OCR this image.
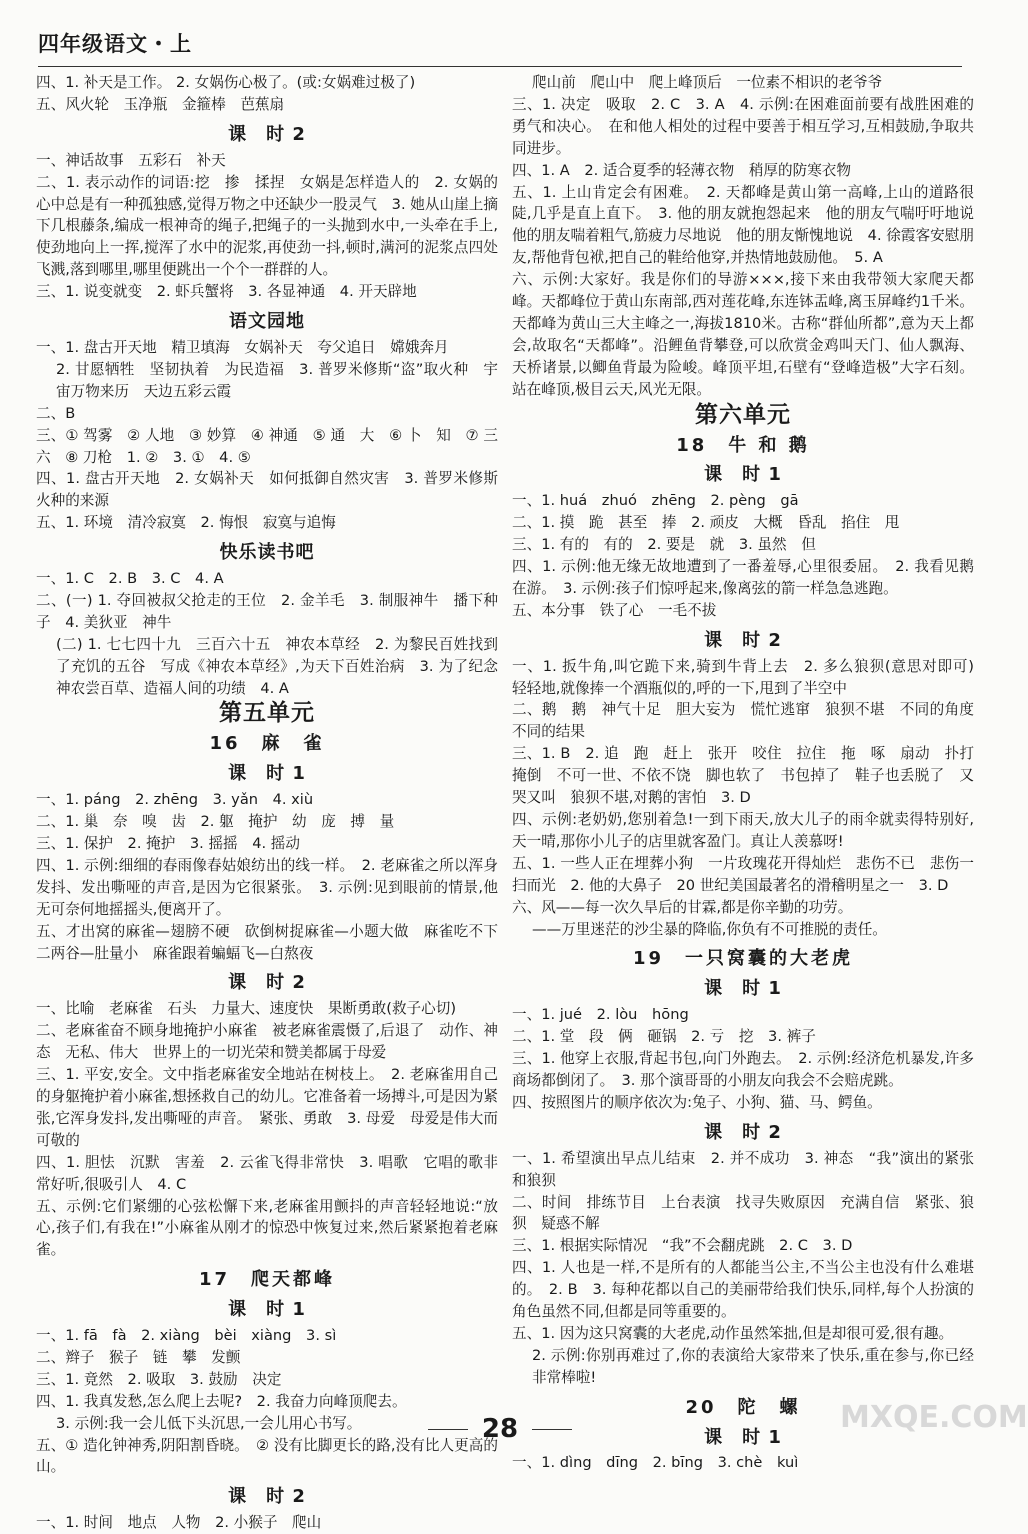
四年级语文・上
四、1. 补天是工作。 2. 女娲伤心极了。(或:女娲难过极了)
五、风火轮　玉净瓶　金箍棒　芭蕉扇
课　时 2
一、神话故事　五彩石　补天
二、1. 表示动作的词语:挖　掺　揉捏　女娲是怎样造人的　2. 女娲的心中总是有一种孤独感,觉得万物之中还缺少一股灵气　3. 她从山崖上摘下几根藤条,编成一根神奇的绳子,把绳子的一头抛到水中,一头牵在手上,使劲地向上一挥,搅浑了水中的泥浆,再使劲一抖,顿时,满河的泥浆点四处飞溅,落到哪里,哪里便跳出一个个一群群的人。
三、1. 说变就变　2. 虾兵蟹将　3. 各显神通　4. 开天辟地
语文园地
一、1. 盘古开天地　精卫填海　女娲补天　夸父追日　嫦娥奔月
2. 甘愿牺牲　坚韧执着　为民造福　3. 普罗米修斯“盗”取火种　宇宙万物来历　天边五彩云霞
二、B
三、① 驾雾　② 人地　③ 妙算　④ 神通　⑤ 通　大　⑥ 卜　知　⑦ 三　六　⑧ 刀枪　1. ②　3. ①　4. ⑤
四、1. 盘古开天地　2. 女娲补天　如何抵御自然灾害　3. 普罗米修斯　火种的来源
五、1. 环境　清冷寂寞　2. 悔恨　寂寞与追悔
快乐读书吧
一、1. C　2. B　3. C　4. A
二、(一) 1. 夺回被叔父抢走的王位　2. 金羊毛　3. 制服神牛　播下种子　4. 美狄亚　神牛
(二) 1. 七七四十九　三百六十五　神农本草经　2. 为黎民百姓找到了充饥的五谷　写成《神农本草经》,为天下百姓治病　3. 为了纪念神农尝百草、造福人间的功绩　4. A
第五单元
16　麻　雀
课　时 1
一、1. páng　2. zhēng　3. yǎn　4. xiù
二、1. 巢　奈　嗅　齿　2. 躯　掩护　幼　庞　搏　量
三、1. 保护　2. 掩护　3. 摇摇　4. 摇动
四、1. 示例:细细的春雨像春姑娘纺出的线一样。　2. 老麻雀之所以浑身发抖、发出嘶哑的声音,是因为它很紧张。　3. 示例:见到眼前的情景,他无可奈何地摇摇头,便离开了。
五、才出窝的麻雀—翅膀不硬　砍倒树捉麻雀—小题大做　麻雀吃不下二两谷—肚量小　麻雀跟着蝙蝠飞—白熬夜
课　时 2
一、比喻　老麻雀　石头　力量大、速度快　果断勇敢(救子心切)
二、老麻雀奋不顾身地掩护小麻雀　被老麻雀震慑了,后退了　动作、神态　无私、伟大　世界上的一切光荣和赞美都属于母爱
三、1. 平安,安全。文中指老麻雀安全地站在树枝上。　2. 老麻雀用自己的身躯掩护着小麻雀,想拯救自己的幼儿。它准备着一场搏斗,可是因为紧张,它浑身发抖,发出嘶哑的声音。　紧张、勇敢　3. 母爱　母爱是伟大而可敬的
四、1. 胆怯　沉默　害羞　2. 云雀飞得非常快　3. 唱歌　它唱的歌非常好听,很吸引人　4. C
五、示例:它们紧绷的心弦松懈下来,老麻雀用颤抖的声音轻轻地说:“放心,孩子们,有我在!”小麻雀从刚才的惊恐中恢复过来,然后紧紧抱着老麻雀。
17　爬天都峰
课　时 1
一、1. fā　fà　2. xiàng　bèi　xiàng　3. sì
二、辫子　猴子　链　攀　发颤
三、1. 竟然　2. 吸取　3. 鼓励　决定
四、1. 我真发愁,怎么爬上去呢?　2. 我奋力向峰顶爬去。
3. 示例:我一会儿低下头沉思,一会儿用心书写。
五、① 造化钟神秀,阴阳割昏晓。　② 没有比脚更长的路,没有比人更高的山。
课　时 2
一、1. 时间　地点　人物　2. 小猴子　爬山
爬山前　爬山中　爬上峰顶后　一位素不相识的老爷爷
三、1. 决定　吸取　2. C　3. A　4. 示例:在困难面前要有战胜困难的勇气和决心。　在和他人相处的过程中要善于相互学习,互相鼓励,争取共同进步。
四、1. A　2. 适合夏季的轻薄衣物　稍厚的防寒衣物
五、1. 上山肯定会有困难。　2. 天都峰是黄山第一高峰,上山的道路很陡,几乎是直上直下。　3. 他的朋友就抱怨起来　他的朋友气喘吁吁地说　他的朋友喘着粗气,筋疲力尽地说　他的朋友惭愧地说　4. 徐霞客安慰朋友,帮他背包袱,把自己的鞋给他穿,并热情地鼓励他。　5. A
六、示例:大家好。我是你们的导游×××,接下来由我带领大家爬天都峰。天都峰位于黄山东南部,西对莲花峰,东连钵盂峰,离玉屏峰约1千米。天都峰为黄山三大主峰之一,海拔1810米。古称“群仙所都”,意为天上都会,故取名“天都峰”。沿鲤鱼背攀登,可以欣赏金鸡叫天门、仙人飘海、天桥诸景,以鲫鱼背最为险峻。峰顶平坦,石壁有“登峰造极”大字石刻。站在峰顶,极目云天,风光无限。
第六单元
18　牛 和 鹅
课　时 1
一、1. huá　zhuó　zhēng　2. pèng　gā
二、1. 摸　跪　甚至　捧　2. 顽皮　大概　昏乱　掐住　甩
三、1. 有的　有的　2. 要是　就　3. 虽然　但
四、1. 示例:他无缘无故地遭到了一番羞辱,心里很委屈。　2. 我看见鹅在游。　3. 示例:孩子们惊呼起来,像离弦的箭一样急急逃跑。
五、本分事　铁了心　一毛不拔
课　时 2
一、1. 扳牛角,叫它跪下来,骑到牛背上去　2. 多么狼狈(意思对即可)　轻轻地,就像捧一个酒瓶似的,呼的一下,甩到了半空中
二、鹅　鹅　神气十足　胆大妄为　慌忙逃窜　狼狈不堪　不同的角度　不同的结果
三、1. B　2. 追　跑　赶上　张开　咬住　拉住　拖　啄　扇动　扑打　掩倒　不可一世、不依不饶　脚也软了　书包掉了　鞋子也丢脱了　又哭又叫　狼狈不堪,对鹅的害怕　3. D
四、示例:老奶奶,您别着急!一到下雨天,放大儿子的雨伞就卖得特别好,天一晴,那你小儿子的店里就客盈门。真让人羡慕呀!
五、1. 一些人正在埋葬小狗　一片玫瑰花开得灿烂　悲伤不已　悲伤一扫而光　2. 他的大鼻子　20 世纪美国最著名的滑稽明星之一　3. D
六、风——每一次久旱后的甘霖,都是你辛勤的功劳。
——万里迷茫的沙尘暴的降临,你负有不可推脱的责任。
19　一只窝囊的大老虎
课　时 1
一、1. jué　2. lòu　hōng
二、1. 堂　段　俩　砸锅　2. 亏　挖　3. 裤子
三、1. 他穿上衣服,背起书包,向门外跑去。　2. 示例:经济危机暴发,许多商场都倒闭了。　3. 那个演哥哥的小朋友向我会不会赔虎跳。
四、按照图片的顺序依次为:兔子、小狗、猫、马、鳄鱼。
课　时 2
一、1. 希望演出早点儿结束　2. 并不成功　3. 神态　“我”演出的紧张和狼狈
二、时间　排练节目　上台表演　找寻失败原因　充满自信　紧张、狼狈　疑惑不解
三、1. 根据实际情况　“我”不会翻虎跳　2. C　3. D
四、1. 人也是一样,不是所有的人都能当公主,不当公主也没有什么难堪的。　2. B　3. 每种花都以自己的美丽带给我们快乐,同样,每个人扮演的角色虽然不同,但都是同等重要的。
五、1. 因为这只窝囊的大老虎,动作虽然笨拙,但是却很可爱,很有趣。
2. 示例:你别再难过了,你的表演给大家带来了快乐,重在参与,你已经非常棒啦!
20　陀　螺
课　时 1
一、1. dìng　dīng　2. bīng　3. chè　kuì
28	MXQE.COM
